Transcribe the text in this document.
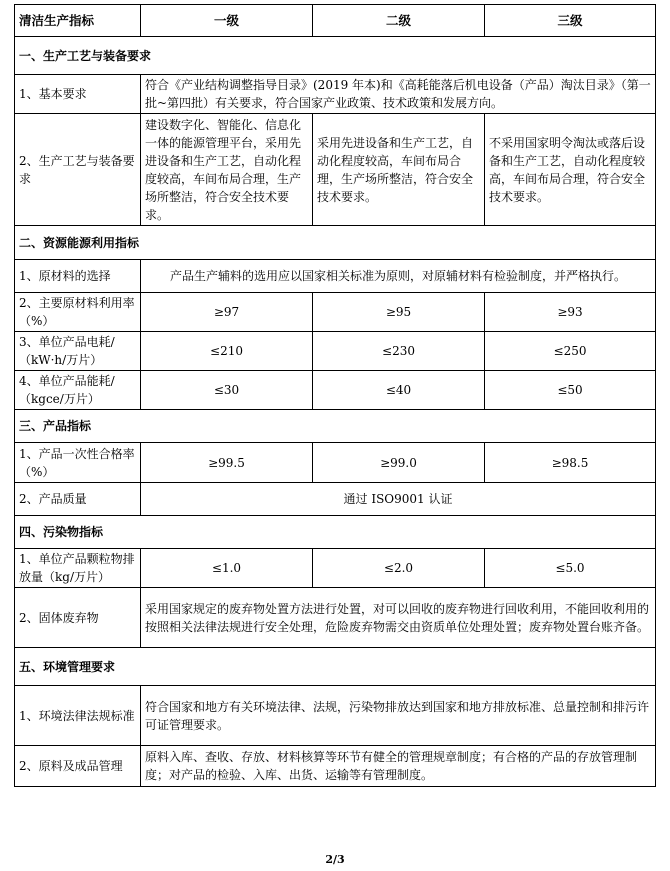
清洁生产指标	一级	二级	三级
一、生产工艺与装备要求			
1、基本要求	符合《产业结构调整指导目录》(2019 年本)和《高耗能落后机电设备（产品）淘汰目录》（第一批~第四批）有关要求，符合国家产业政策、技术政策和发展方向。		
2、生产工艺与装备要求	建设数字化、智能化、信息化一体的能源管理平台，采用先进设备和生产工艺，自动化程度较高，车间布局合理，生产场所整洁，符合安全技术要求。	采用先进设备和生产工艺，自动化程度较高，车间布局合理，生产场所整洁，符合安全技术要求。	不采用国家明令淘汰或落后设备和生产工艺，自动化程度较高，车间布局合理，符合安全技术要求。
二、资源能源利用指标			
1、原材料的选择	产品生产辅料的选用应以国家相关标准为原则，对原辅材料有检验制度，并严格执行。		
2、主要原材料利用率（%）	≥97	≥95	≥93
3、单位产品电耗/（kW·h/万片）	≤210	≤230	≤250
4、单位产品能耗/（kgce/万片）	≤30	≤40	≤50
三、产品指标			
1、产品一次性合格率（%）	≥99.5	≥99.0	≥98.5
2、产品质量	通过 ISO9001 认证		
四、污染物指标			
1、单位产品颗粒物排放量（kg/万片）	≤1.0	≤2.0	≤5.0
2、固体废弃物	采用国家规定的废弃物处置方法进行处置，对可以回收的废弃物进行回收利用，不能回收利用的按照相关法律法规进行安全处理，危险废弃物需交由资质单位处理处置；废弃物处置台账齐备。		
五、环境管理要求			
1、环境法律法规标准	符合国家和地方有关环境法律、法规，污染物排放达到国家和地方排放标准、总量控制和排污许可证管理要求。		
2、原料及成品管理	原料入库、查收、存放、材料核算等环节有健全的管理规章制度；有合格的产品的存放管理制度；对产品的检验、入库、出货、运输等有管理制度。		
2/3
